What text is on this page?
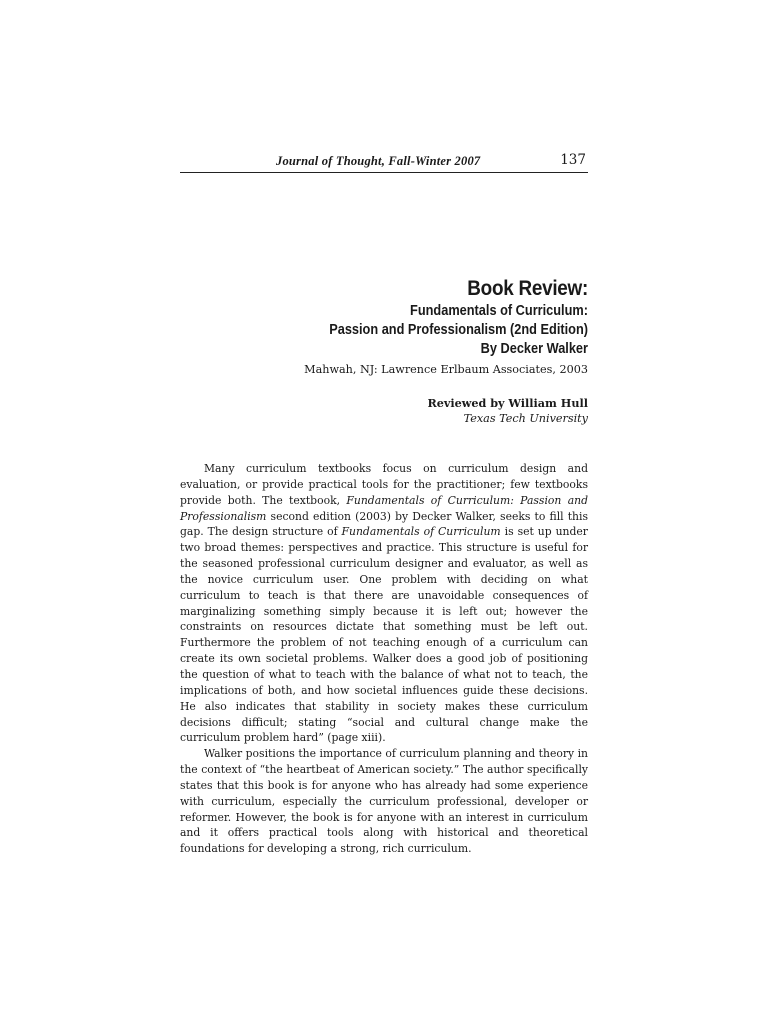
Journal of Thought, Fall-Winter 2007	137
Book Review:
Fundamentals of Curriculum:
Passion and Professionalism (2nd Edition)
By Decker Walker
Mahwah, NJ: Lawrence Erlbaum Associates, 2003
Reviewed by William Hull
Texas Tech University

Many curriculum textbooks focus on curriculum design and evaluation, or provide practical tools for the practitioner; few textbooks provide both. The textbook, Fundamentals of Curriculum: Passion and Professionalism second edition (2003) by Decker Walker, seeks to fill this gap. The design structure of Fundamentals of Curriculum is set up under two broad themes: perspectives and practice. This structure is useful for the seasoned professional curriculum designer and evaluator, as well as the novice curriculum user. One problem with deciding on what curriculum to teach is that there are unavoidable consequences of marginalizing something simply because it is left out; however the constraints on resources dictate that something must be left out. Furthermore the problem of not teaching enough of a curriculum can create its own societal problems. Walker does a good job of positioning the question of what to teach with the balance of what not to teach, the implications of both, and how societal influences guide these decisions. He also indicates that stability in society makes these curriculum decisions difficult; stating “social and cultural change make the curriculum problem hard” (page xiii).

Walker positions the importance of curriculum planning and theory in the context of “the heartbeat of American society.” The author specifically states that this book is for anyone who has already had some experience with curriculum, especially the curriculum professional, developer or reformer. However, the book is for anyone with an interest in curriculum and it offers practical tools along with historical and theoretical foundations for developing a strong, rich curriculum.
